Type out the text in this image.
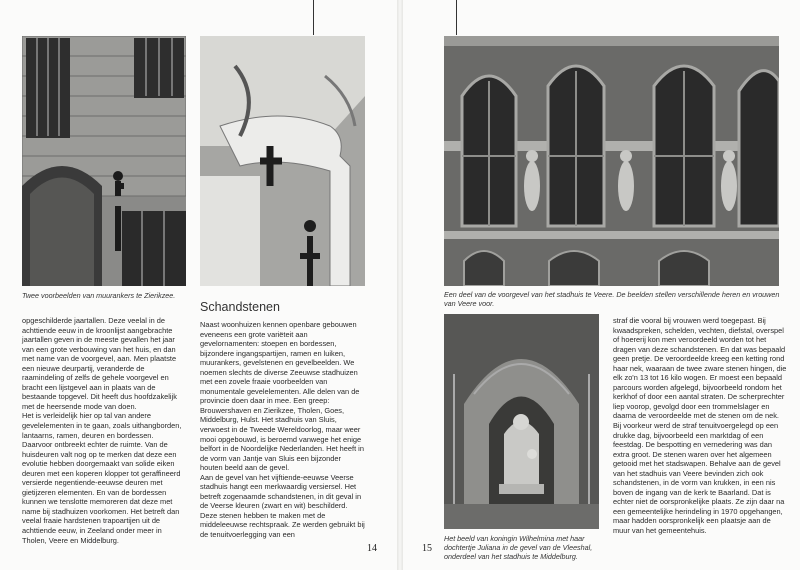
Twee voorbeelden van muurankers te Zierikzee.
opgeschilderde jaartallen. Deze veelal in de achttiende eeuw in de kroonlijst aangebrachte jaartallen geven in de meeste gevallen het jaar van een grote verbouwing van het huis, en dan met name van de voorgevel, aan. Men plaatste een nieuwe deurpartij, veranderde de raamindeling of zelfs de gehele voorgevel en bracht een lijstgevel aan in plaats van de bestaande topgevel. Dit heeft dus hoofdzakelijk met de heersende mode van doen.
Het is verleidelijk hier op tal van andere gevelelementen in te gaan, zoals uithangborden, lantaarns, ramen, deuren en bordessen. Daarvoor ontbreekt echter de ruimte. Van de huisdeuren valt nog op te merken dat deze een evolutie hebben doorgemaakt van solide eiken deuren met een koperen klopper tot geraffineerd versierde negentiende-eeuwse deuren met gietijzeren elementen. En van de bordessen kunnen we tenslotte memoreren dat deze met name bij stadhuizen voorkomen. Het betreft dan veelal fraaie hardstenen trapoartijen uit de achttiende eeuw, in Zeeland onder meer in Tholen, Veere en Middelburg.
Schandstenen
Naast woonhuizen kennen openbare gebouwen eveneens een grote variëteit aan gevelornamenten: stoepen en bordessen, bijzondere ingangspartijen, ramen en luiken, muurankers, gevelstenen en gevelbeelden. We noemen slechts de diverse Zeeuwse stadhuizen met een zovele fraaie voorbeelden van monumentale gevelelementen. Alle delen van de provincie doen daar in mee. Een greep: Brouwershaven en Zierikzee, Tholen, Goes, Middelburg, Hulst. Het stadhuis van Sluis, verwoest in de Tweede Wereldoorlog, maar weer mooi opgebouwd, is beroemd vanwege het enige belfort in de Noordelijke Nederlanden. Het heeft in de vorm van Jantje van Sluis een bijzonder houten beeld aan de gevel.
Aan de gevel van het vijftiende-eeuwse Veerse stadhuis hangt een merkwaardig versiersel. Het betreft zogenaamde schandstenen, in dit geval in de Veerse kleuren (zwart en wit) beschilderd. Deze stenen hebben te maken met de middeleeuwse rechtspraak. Ze werden gebruikt bij de tenuitvoerlegging van een
14
Een deel van de voorgevel van het stadhuis te Veere. De beelden stellen verschillende heren en vrouwen van Veere voor.
Het beeld van koningin Wilhelmina met haar dochtertje Juliana in de gevel van de Vleeshal, onderdeel van het stadhuis te Middelburg.
straf die vooral bij vrouwen werd toegepast. Bij kwaadspreken, schelden, vechten, diefstal, overspel of hoererij kon men veroordeeld worden tot het dragen van deze schandstenen. En dat was bepaald geen pretje. De veroordeelde kreeg een ketting rond haar nek, waaraan de twee zware stenen hingen, die elk zo'n 13 tot 16 kilo wogen. Er moest een bepaald parcours worden afgelegd, bijvoorbeeld rondom het kerkhof of door een aantal straten. De scherprechter liep voorop, gevolgd door een trommelslager en daarna de veroordeelde met de stenen om de nek. Bij voorkeur werd de straf tenuitvoergelegd op een drukke dag, bijvoorbeeld een marktdag of een feestdag. De bespotting en vernedering was dan extra groot. De stenen waren over het algemeen getooid met het stadswapen. Behalve aan de gevel van het stadhuis van Veere bevinden zich ook schandstenen, in de vorm van krukken, in een nis boven de ingang van de kerk te Baarland. Dat is echter niet de oorspronkelijke plaats. Ze zijn daar na een gemeentelijke herindeling in 1970 opgehangen, maar hadden oorspronkelijk een plaatsje aan de muur van het gemeentehuis.
15
